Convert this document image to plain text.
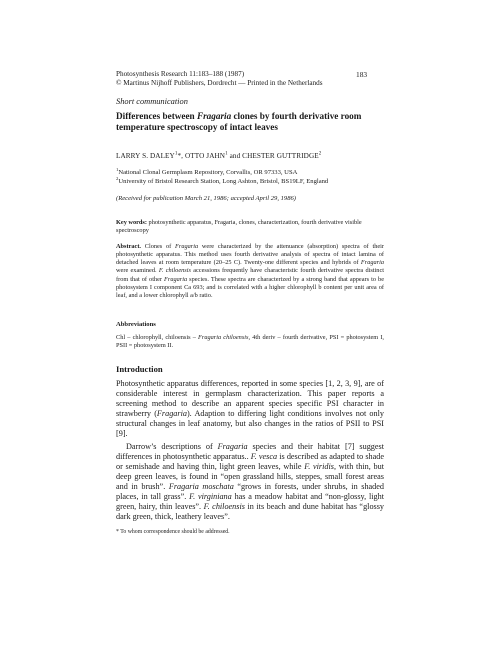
Photosynthesis Research 11:183–188 (1987)
© Martinus Nijhoff Publishers, Dordrecht — Printed in the Netherlands
183
Short communication
Differences between Fragaria clones by fourth derivative room temperature spectroscopy of intact leaves
LARRY S. DALEY$^1$*, OTTO JAHN$^1$ and CHESTER GUTTRIDGE$^2$
$^1$National Clonal Germplasm Repository, Corvallis, OR 97333, USA
$^2$University of Bristol Research Station, Long Ashton, Bristol, BS19LF, England
(Received for publication March 21, 1986; accepted April 29, 1986)
Key words: photosynthetic apparatus, Fragaria, clones, characterization, fourth derivative visible spectroscopy
Abstract. Clones of Fragaria were characterized by the attenuance (absorption) spectra of their photosynthetic apparatus. This method uses fourth derivative analysis of spectra of intact lamina of detached leaves at room temperature (20–25 C). Twenty-one different species and hybrids of Fragaria were examined. F. chiloensis accessions frequently have characteristic fourth derivative spectra distinct from that of other Fragaria species. These spectra are characterized by a strong band that appears to be photosystem I component Ca 693; and is correlated with a higher chlorophyll b content per unit area of leaf, and a lower chlorophyll a/b ratio.
Abbreviations
Chl – chlorophyll, chiloensis – Fragaria chiloensis, 4th deriv – fourth derivative, PSI = photosystem I, PSII = photosystem II.
Introduction

Photosynthetic apparatus differences, reported in some species [1, 2, 3, 9], are of considerable interest in germplasm characterization. This paper reports a screening method to describe an apparent species specific PSI character in strawberry (Fragaria). Adaption to differing light conditions involves not only structural changes in leaf anatomy, but also changes in the ratios of PSII to PSI [9].

Darrow’s descriptions of Fragaria species and their habitat [7] suggest differences in photosynthetic apparatus.. F. vesca is described as adapted to shade or semishade and having thin, light green leaves, while F. viridis, with thin, but deep green leaves, is found in “open grassland hills, steppes, small forest areas and in brush”. Fragaria moschata “grows in forests, under shrubs, in shaded places, in tall grass”. F. virginiana has a meadow habitat and “non-glossy, light green, hairy, thin leaves”. F. chiloensis in its beach and dune habitat has “glossy dark green, thick, leathery leaves”.

* To whom correspondence should be addressed.
